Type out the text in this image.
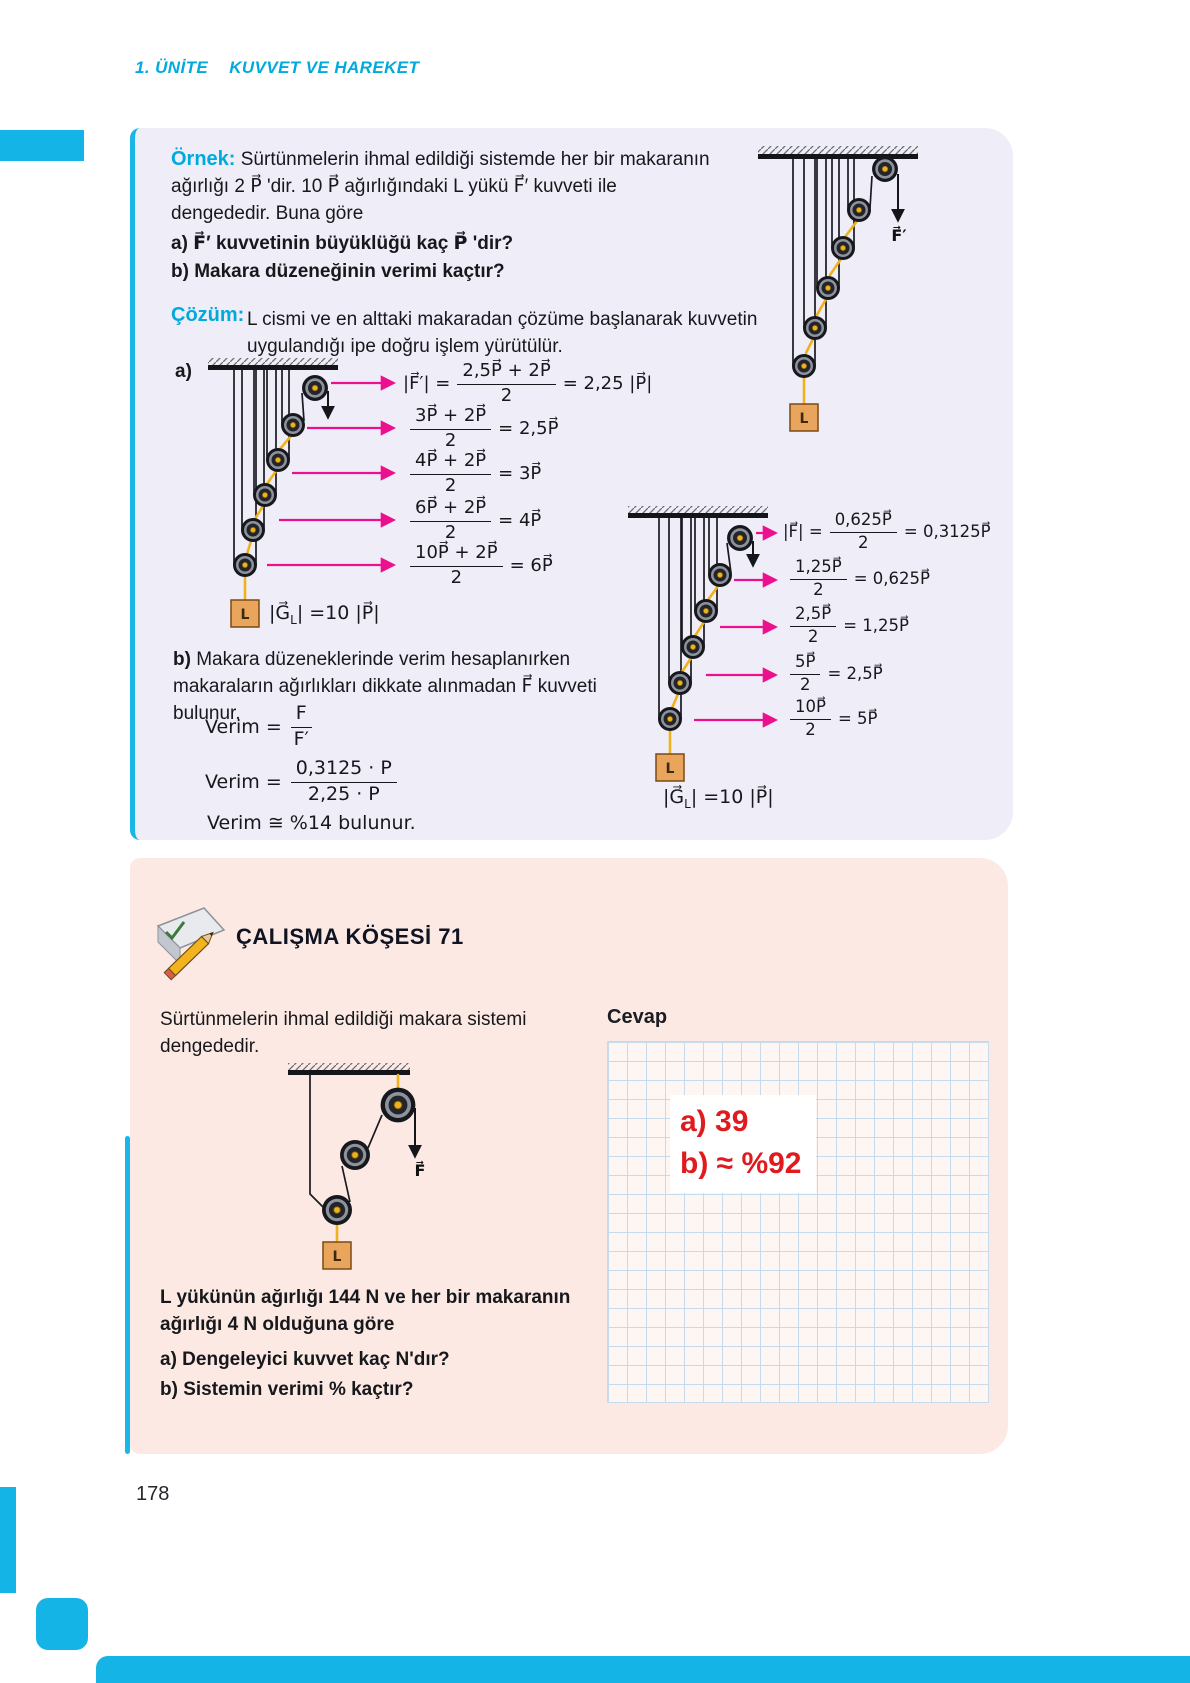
1. ÜNİTE KUVVET VE HAREKET
Örnek: Sürtünmelerin ihmal edildiği sistemde her bir makaranın ağırlığı 2 P⃗ 'dir. 10 P⃗ ağırlığındaki L yükü F⃗′ kuvveti ile dengededir. Buna göre
a) F⃗′ kuvvetinin büyüklüğü kaç P⃗ 'dir?
b) Makara düzeneğinin verimi kaçtır?
L
F⃗′
Çözüm: L cismi ve en alttaki makaradan çözüme başlanarak kuvvetin uygulandığı ipe doğru işlem yürütülür.
a)
L
|F⃗′| = $\frac{2,5P⃗ + 2P⃗}{2} = 2,25$ |P⃗|
$\frac{3P⃗ + 2P⃗}{2}$ = 2,5P⃗
$\frac{4P⃗ + 2P⃗}{2}$ = 3P⃗
$\frac{6P⃗ + 2P⃗}{2}$ = 4P⃗
$\frac{10P⃗ + 2P⃗}{2}$ = 6P⃗
$|G⃗_L| =10$ |P⃗|
b) Makara düzeneklerinde verim hesaplanırken makaraların ağırlıkları dikkate alınmadan F⃗ kuvveti bulunur.
Verim = $\frac{F}{F'}$
Verim = $\frac{0,3125 \cdot P}{2,25 \cdot P}$
Verim ≅ %14 bulunur.
L
|F⃗| = $\frac{0,625P⃗}{2}$ = 0,3125P⃗
$\frac{1,25P⃗}{2}$ = 0,625P⃗
$\frac{2,5P⃗}{2}$ = 1,25P⃗
$\frac{5P⃗}{2}$ = 2,5P⃗
$\frac{10P⃗}{2}$ = 5P⃗
$|G⃗_L| =10$ |P⃗|
ÇALIŞMA KÖŞESİ 71
Sürtünmelerin ihmal edildiği makara sistemi dengededir.
L
F⃗
L yükünün ağırlığı 144 N ve her bir makaranın ağırlığı 4 N olduğuna göre
a) Dengeleyici kuvvet kaç N'dır?
b) Sistemin verimi % kaçtır?
Cevap
a) 39
b) ≈ %92
178
